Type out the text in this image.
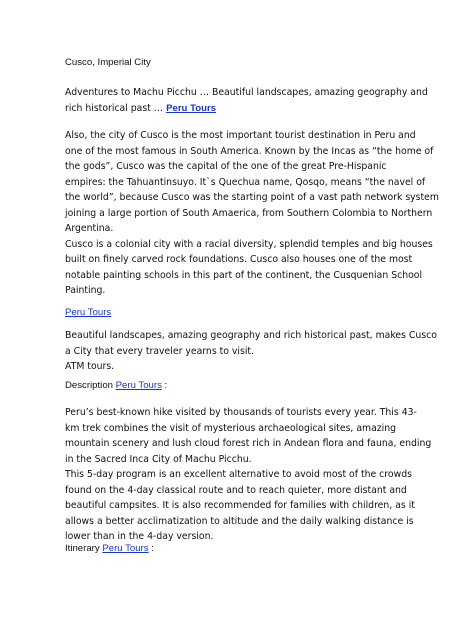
Cusco, Imperial City
Adventures to Machu Picchu … Beautiful landscapes, amazing geography and
rich historical past … Peru Tours
Also, the city of Cusco is the most important tourist destination in Peru and
one of the most famous in South America. Known by the Incas as “the home of
the gods”, Cusco was the capital of the one of the great Pre-Hispanic
empires: the Tahuantinsuyo. It`s Quechua name, Qosqo, means “the navel of
the world”, because Cusco was the starting point of a vast path network system
joining a large portion of South Amaerica, from Southern Colombia to Northern
Argentina.
Cusco is a colonial city with a racial diversity, splendid temples and big houses
built on finely carved rock foundations. Cusco also houses one of the most
notable painting schools in this part of the continent, the Cusquenian School
Painting.
Peru Tours
Beautiful landscapes, amazing geography and rich historical past, makes Cusco
a City that every traveler yearns to visit.
ATM tours.
Description Peru Tours :
Peru’s best-known hike visited by thousands of tourists every year. This 43-
km trek combines the visit of mysterious archaeological sites, amazing
mountain scenery and lush cloud forest rich in Andean flora and fauna, ending
in the Sacred Inca City of Machu Picchu.
This 5-day program is an excellent alternative to avoid most of the crowds
found on the 4-day classical route and to reach quieter, more distant and
beautiful campsites. It is also recommended for families with children, as it
allows a better acclimatization to altitude and the daily walking distance is
lower than in the 4-day version.
Itinerary Peru Tours :
